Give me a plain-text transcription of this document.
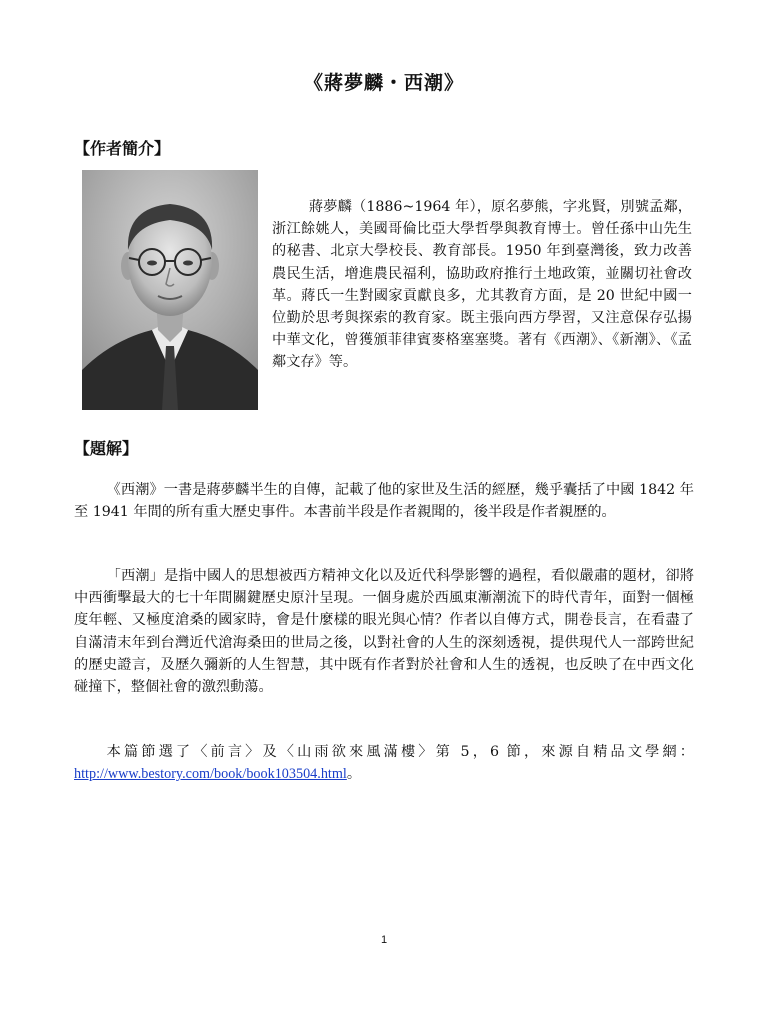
《蔣夢麟・西潮》
【作者簡介】

蔣夢麟（1886~1964 年），原名夢熊，字兆賢，別號孟鄰，浙江餘姚人，美國哥倫比亞大學哲學與教育博士。曾任孫中山先生的秘書、北京大學校長、教育部長。1950 年到臺灣後，致力改善農民生活，增進農民福利，協助政府推行土地政策，並關切社會改革。蔣氏一生對國家貢獻良多，尤其教育方面，是 20 世紀中國一位勤於思考與探索的教育家。既主張向西方學習，又注意保存弘揚中華文化，曾獲頒菲律賓麥格塞塞獎。著有《西潮》、《新潮》、《孟鄰文存》等。

【題解】

《西潮》一書是蔣夢麟半生的自傳，記載了他的家世及生活的經歷，幾乎囊括了中國 1842 年至 1941 年間的所有重大歷史事件。本書前半段是作者親聞的，後半段是作者親歷的。

「西潮」是指中國人的思想被西方精神文化以及近代科學影響的過程，看似嚴肅的題材，卻將中西衝擊最大的七十年間關鍵歷史原汁呈現。一個身處於西風東漸潮流下的時代青年，面對一個極度年輕、又極度滄桑的國家時，會是什麼樣的眼光與心情？作者以自傳方式，開卷長言，在看盡了自滿清末年到台灣近代滄海桑田的世局之後，以對社會的人生的深刻透視，提供現代人一部跨世紀的歷史證言，及歷久彌新的人生智慧，其中既有作者對於社會和人生的透視，也反映了在中西文化碰撞下，整個社會的激烈動蕩。

本篇節選了〈前言〉及〈山雨欲來風滿樓〉第 5，6 節，來源自精品文學網：http://www.bestory.com/book/book103504.html。

1
